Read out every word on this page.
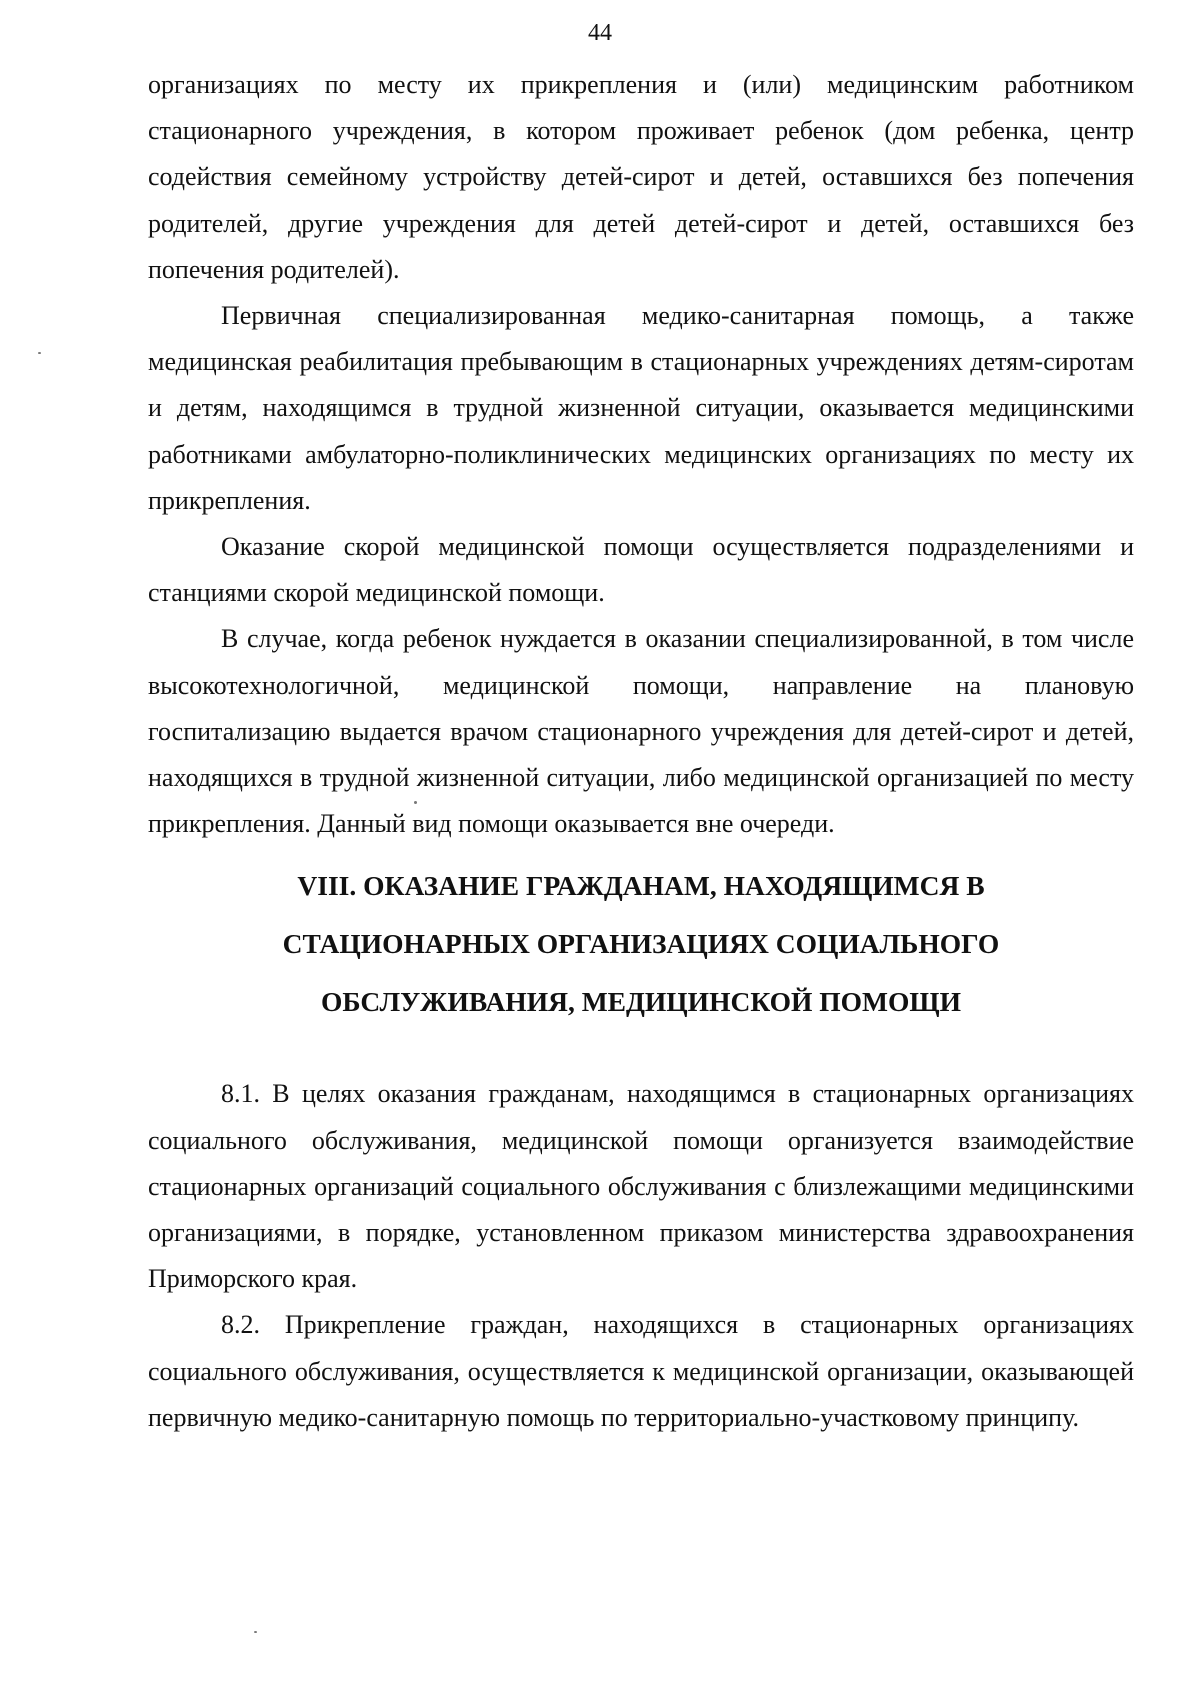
44

организациях по месту их прикрепления и (или) медицинским работником стационарного учреждения, в котором проживает ребенок (дом ребенка, центр содействия семейному устройству детей-сирот и детей, оставшихся без попечения родителей, другие учреждения для детей детей-сирот и детей, оставшихся без попечения родителей).

Первичная специализированная медико-санитарная помощь, а также медицинская реабилитация пребывающим в стационарных учреждениях детям-сиротам и детям, находящимся в трудной жизненной ситуации, оказывается медицинскими работниками амбулаторно-поликлинических медицинских организациях по месту их прикрепления.

Оказание скорой медицинской помощи осуществляется подразделениями и станциями скорой медицинской помощи.

В случае, когда ребенок нуждается в оказании специализированной, в том числе высокотехнологичной, медицинской помощи, направление на плановую госпитализацию выдается врачом стационарного учреждения для детей-сирот и детей, находящихся в трудной жизненной ситуации, либо медицинской организацией по месту прикрепления. Данный вид помощи оказывается вне очереди.

VIII. ОКАЗАНИЕ ГРАЖДАНАМ, НАХОДЯЩИМСЯ В
СТАЦИОНАРНЫХ ОРГАНИЗАЦИЯХ СОЦИАЛЬНОГО
ОБСЛУЖИВАНИЯ, МЕДИЦИНСКОЙ ПОМОЩИ

8.1. В целях оказания гражданам, находящимся в стационарных организациях социального обслуживания, медицинской помощи организуется взаимодействие стационарных организаций социального обслуживания с близлежащими медицинскими организациями, в порядке, установленном приказом министерства здравоохранения Приморского края.

8.2. Прикрепление граждан, находящихся в стационарных организациях социального обслуживания, осуществляется к медицинской организации, оказывающей первичную медико-санитарную помощь по территориально-участковому принципу.
